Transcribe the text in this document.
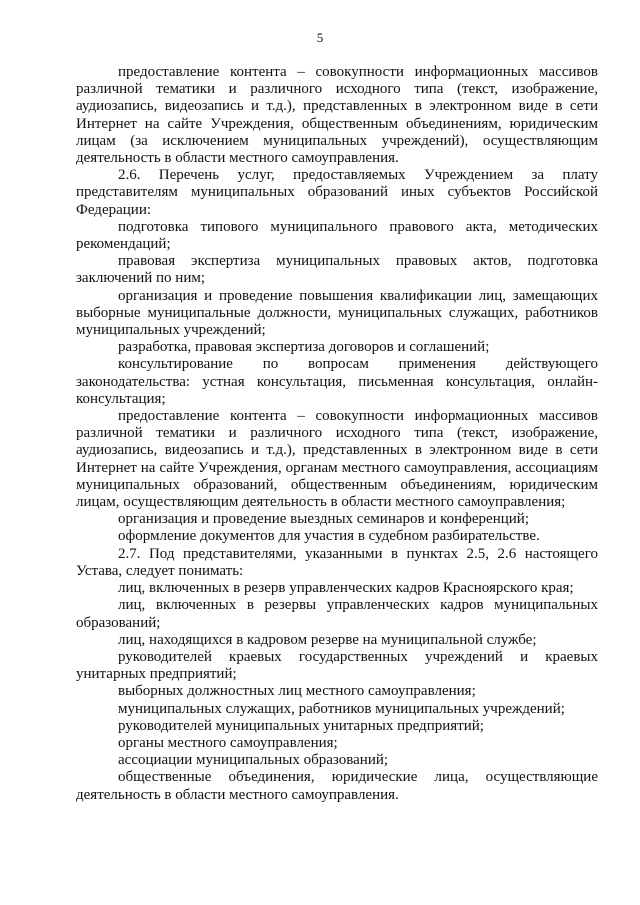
5

предоставление контента – совокупности информационных массивов различной тематики и различного исходного типа (текст, изображение, аудиозапись, видеозапись и т.д.), представленных в электронном виде в сети Интернет на сайте Учреждения, общественным объединениям, юридическим лицам (за исключением муниципальных учреждений), осуществляющим деятельность в области местного самоуправления.

2.6. Перечень услуг, предоставляемых Учреждением за плату представителям муниципальных образований иных субъектов Российской Федерации:

подготовка типового муниципального правового акта, методических рекомендаций;

правовая экспертиза муниципальных правовых актов, подготовка заключений по ним;

организация и проведение повышения квалификации лиц, замещающих выборные муниципальные должности, муниципальных служащих, работников муниципальных учреждений;

разработка, правовая экспертиза договоров и соглашений;

консультирование по вопросам применения действующего законодательства: устная консультация, письменная консультация, онлайн-консультация;

предоставление контента – совокупности информационных массивов различной тематики и различного исходного типа (текст, изображение, аудиозапись, видеозапись и т.д.), представленных в электронном виде в сети Интернет на сайте Учреждения, органам местного самоуправления, ассоциациям муниципальных образований, общественным объединениям, юридическим лицам, осуществляющим деятельность в области местного самоуправления;

организация и проведение выездных семинаров и конференций;

оформление документов для участия в судебном разбирательстве.

2.7. Под представителями, указанными в пунктах 2.5, 2.6 настоящего Устава, следует понимать:

лиц, включенных в резерв управленческих кадров Красноярского края;

лиц, включенных в резервы управленческих кадров муниципальных образований;

лиц, находящихся в кадровом резерве на муниципальной службе;

руководителей краевых государственных учреждений и краевых унитарных предприятий;

выборных должностных лиц местного самоуправления;

муниципальных служащих, работников муниципальных учреждений;

руководителей муниципальных унитарных предприятий;

органы местного самоуправления;

ассоциации муниципальных образований;

общественные объединения, юридические лица, осуществляющие деятельность в области местного самоуправления.
